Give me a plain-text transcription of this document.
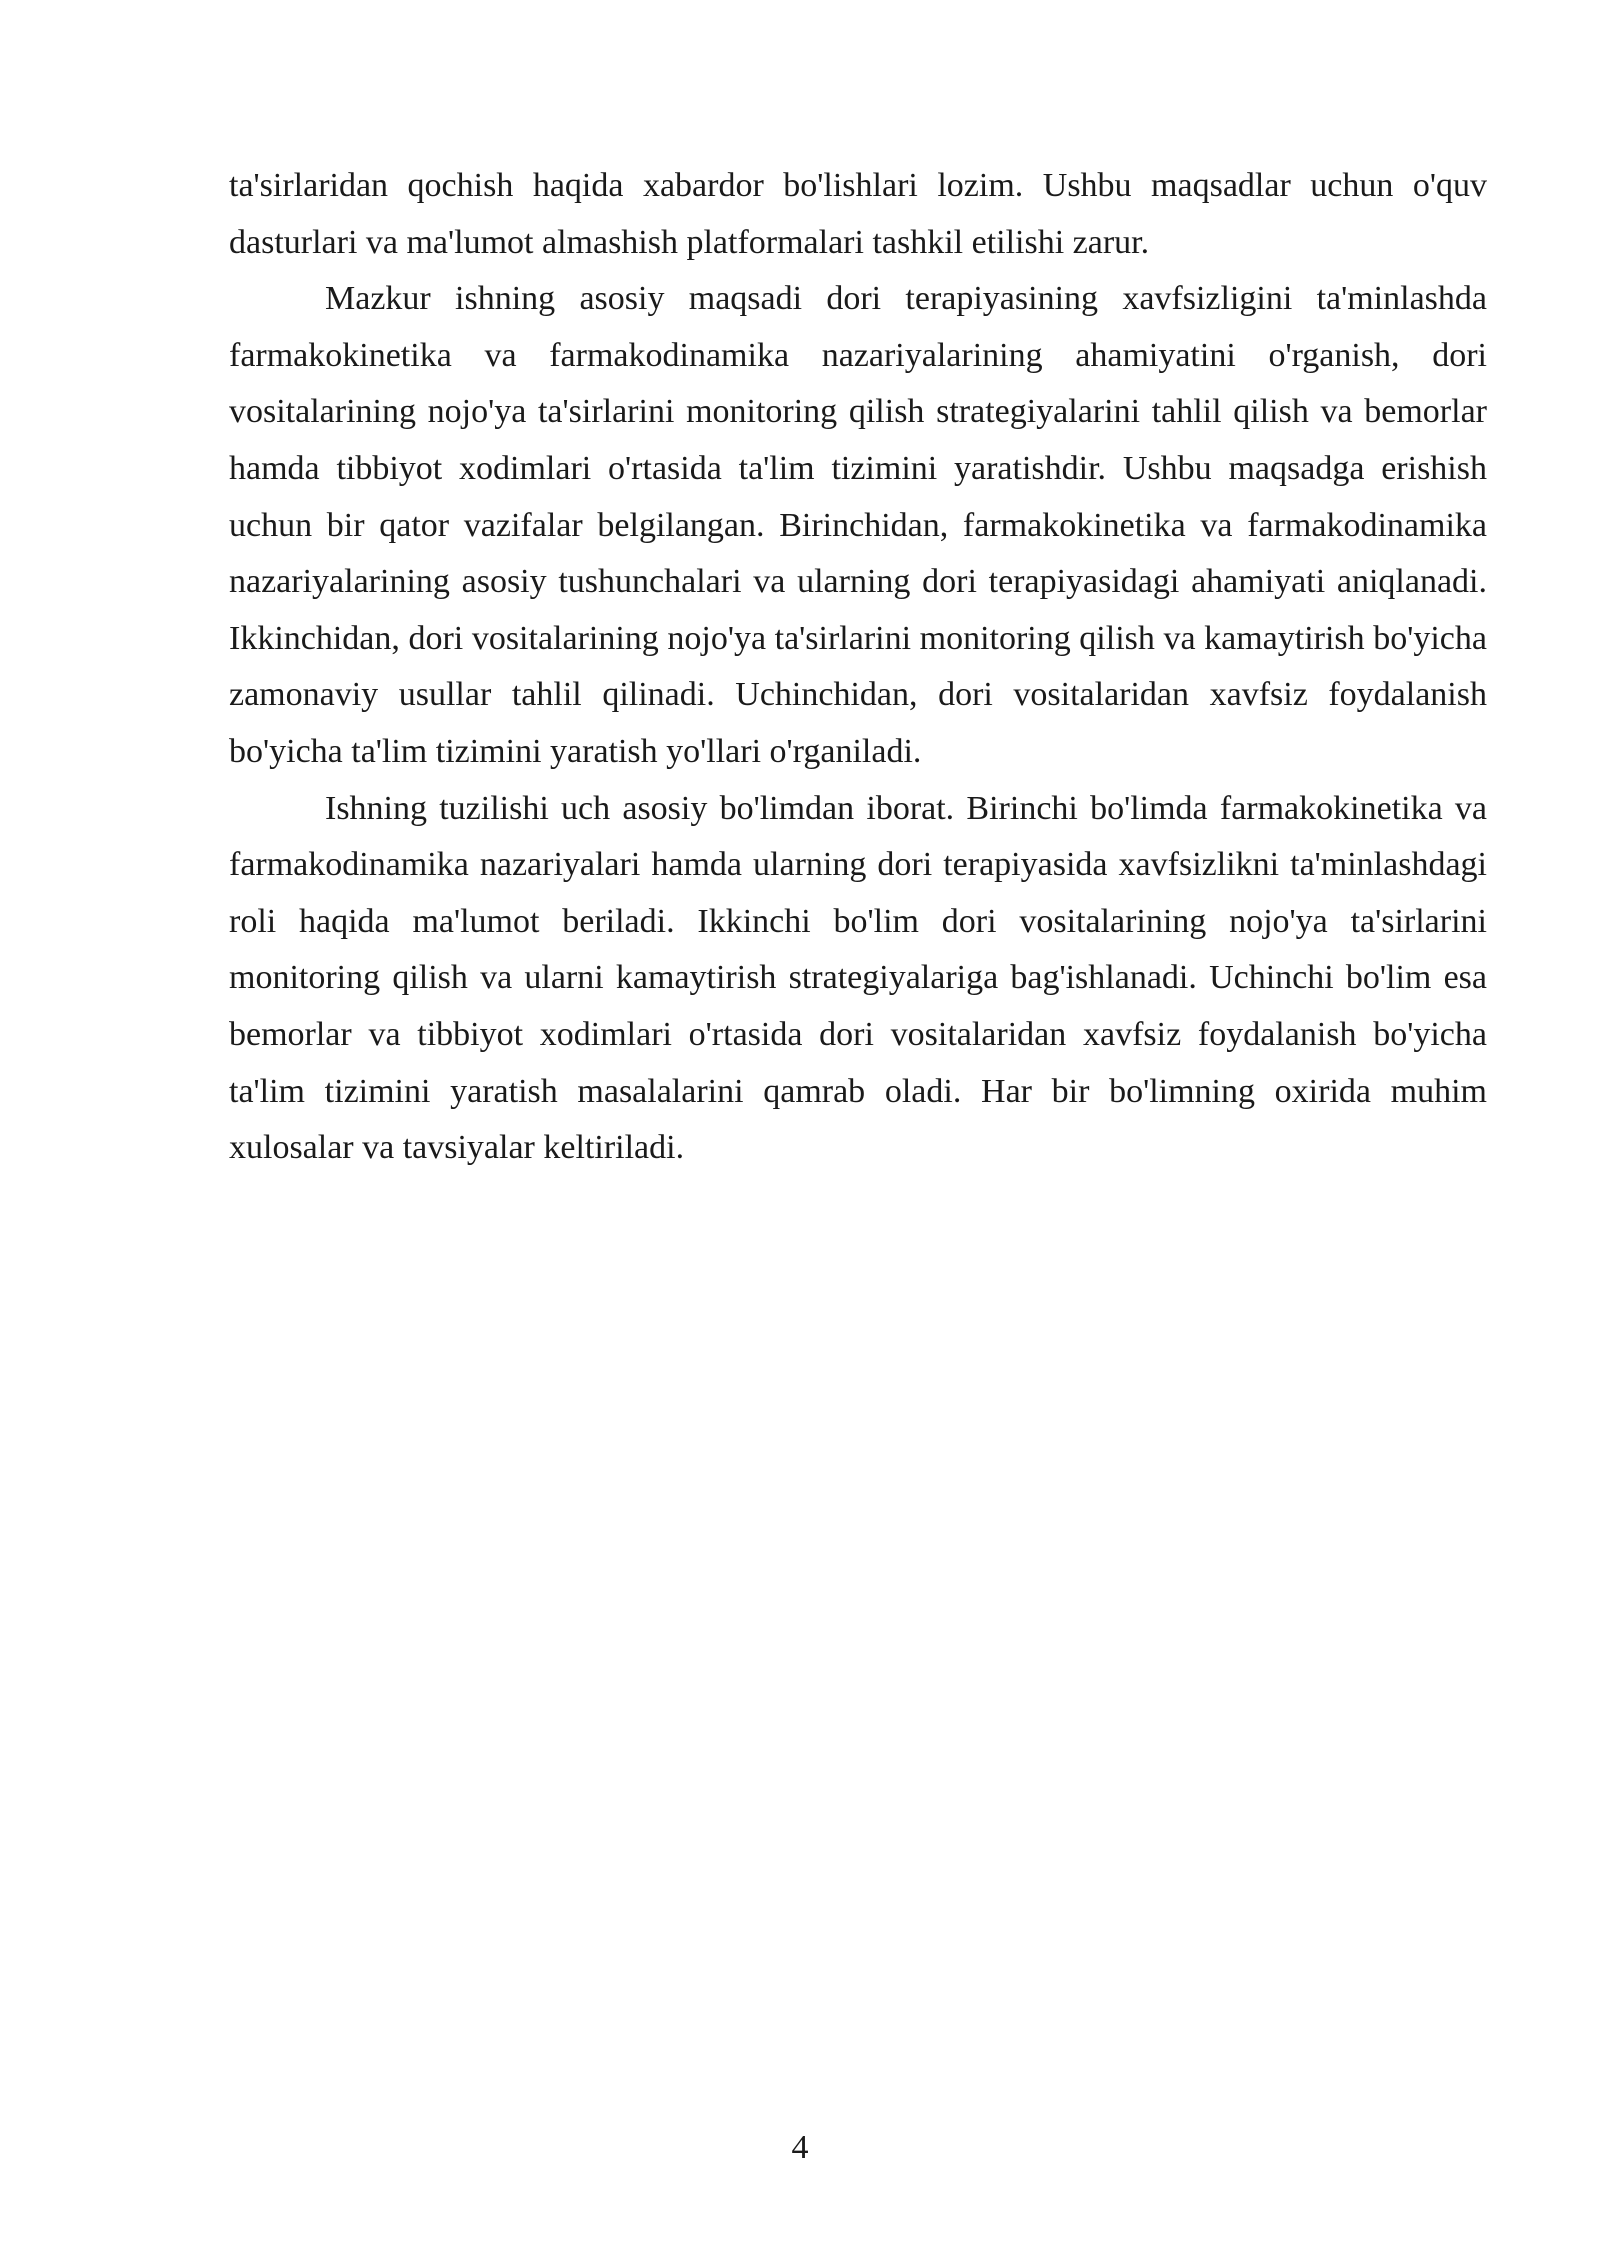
ta'sirlaridan qochish haqida xabardor bo'lishlari lozim. Ushbu maqsadlar uchun o'quv dasturlari va ma'lumot almashish platformalari tashkil etilishi zarur.

Mazkur ishning asosiy maqsadi dori terapiyasining xavfsizligini ta'minlashda farmakokinetika va farmakodinamika nazariyalarining ahamiyatini o'rganish, dori vositalarining nojo'ya ta'sirlarini monitoring qilish strategiyalarini tahlil qilish va bemorlar hamda tibbiyot xodimlari o'rtasida ta'lim tizimini yaratishdir. Ushbu maqsadga erishish uchun bir qator vazifalar belgilangan. Birinchidan, farmakokinetika va farmakodinamika nazariyalarining asosiy tushunchalari va ularning dori terapiyasidagi ahamiyati aniqlanadi. Ikkinchidan, dori vositalarining nojo'ya ta'sirlarini monitoring qilish va kamaytirish bo'yicha zamonaviy usullar tahlil qilinadi. Uchinchidan, dori vositalaridan xavfsiz foydalanish bo'yicha ta'lim tizimini yaratish yo'llari o'rganiladi.

Ishning tuzilishi uch asosiy bo'limdan iborat. Birinchi bo'limda farmakokinetika va farmakodinamika nazariyalari hamda ularning dori terapiyasida xavfsizlikni ta'minlashdagi roli haqida ma'lumot beriladi. Ikkinchi bo'lim dori vositalarining nojo'ya ta'sirlarini monitoring qilish va ularni kamaytirish strategiyalariga bag'ishlanadi. Uchinchi bo'lim esa bemorlar va tibbiyot xodimlari o'rtasida dori vositalaridan xavfsiz foydalanish bo'yicha ta'lim tizimini yaratish masalalarini qamrab oladi. Har bir bo'limning oxirida muhim xulosalar va tavsiyalar keltiriladi.

4
